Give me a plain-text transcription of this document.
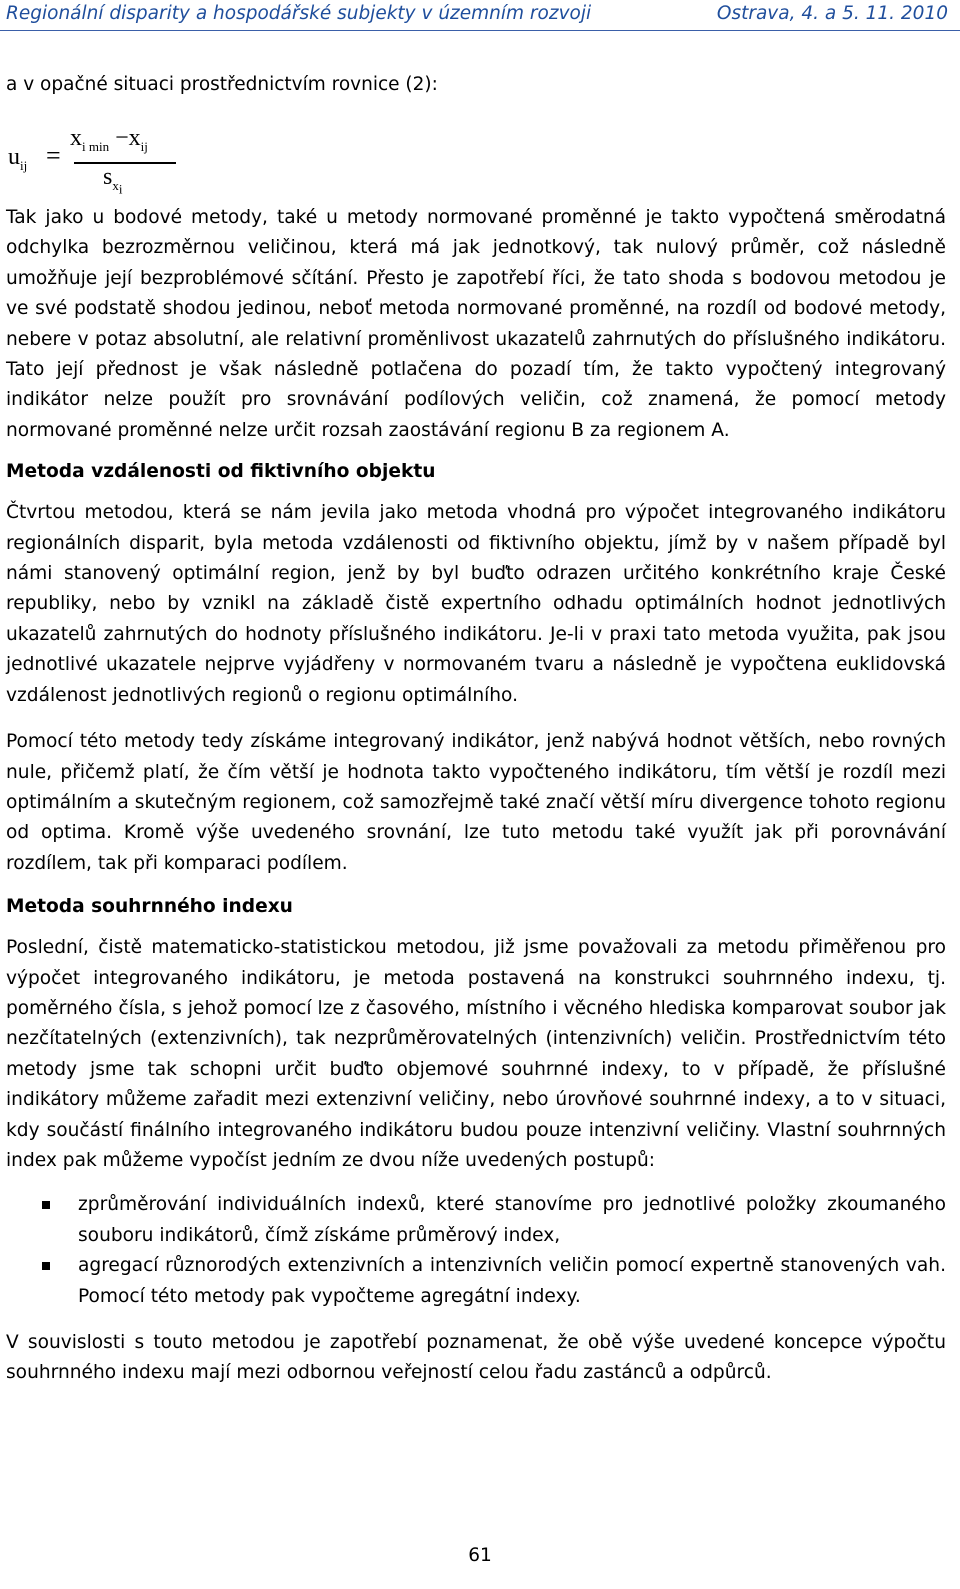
Regionální disparity a hospodářské subjekty v územním rozvoji	Ostrava, 4. a 5. 11. 2010
a v opačné situaci prostřednictvím rovnice (2):
$u_{ij}$ =
$x_{i min} -x_{ij}$
$s_{x_i}$

Tak jako u bodové metody, také u metody normované proměnné je takto vypočtená směrodatná odchylka bezrozměrnou veličinou, která má jak jednotkový, tak nulový průměr, což následně umožňuje její bezproblémové sčítání. Přesto je zapotřebí říci, že tato shoda s bodovou metodou je ve své podstatě shodou jedinou, neboť metoda normované proměnné, na rozdíl od bodové metody, nebere v potaz absolutní, ale relativní proměnlivost ukazatelů zahrnutých do příslušného indikátoru. Tato její přednost je však následně potlačena do pozadí tím, že takto vypočtený integrovaný indikátor nelze použít pro srovnávání podílových veličin, což znamená, že pomocí metody normované proměnné nelze určit rozsah zaostávání regionu B za regionem A.

Metoda vzdálenosti od fiktivního objektu

Čtvrtou metodou, která se nám jevila jako metoda vhodná pro výpočet integrovaného indikátoru regionálních disparit, byla metoda vzdálenosti od fiktivního objektu, jímž by v našem případě byl námi stanovený optimální region, jenž by byl buďto odrazen určitého konkrétního kraje České republiky, nebo by vznikl na základě čistě expertního odhadu optimálních hodnot jednotlivých ukazatelů zahrnutých do hodnoty příslušného indikátoru. Je-li v praxi tato metoda využita, pak jsou jednotlivé ukazatele nejprve vyjádřeny v normovaném tvaru a následně je vypočtena euklidovská vzdálenost jednotlivých regionů o regionu optimálního.

Pomocí této metody tedy získáme integrovaný indikátor, jenž nabývá hodnot větších, nebo rovných nule, přičemž platí, že čím větší je hodnota takto vypočteného indikátoru, tím větší je rozdíl mezi optimálním a skutečným regionem, což samozřejmě také značí větší míru divergence tohoto regionu od optima. Kromě výše uvedeného srovnání, lze tuto metodu také využít jak při porovnávání rozdílem, tak při komparaci podílem.

Metoda souhrnného indexu

Poslední, čistě matematicko-statistickou metodou, již jsme považovali za metodu přiměřenou pro výpočet integrovaného indikátoru, je metoda postavená na konstrukci souhrnného indexu, tj. poměrného čísla, s jehož pomocí lze z časového, místního i věcného hlediska komparovat soubor jak nezčítatelných (extenzivních), tak nezprůměrovatelných (intenzivních) veličin. Prostřednictvím této metody jsme tak schopni určit buďto objemové souhrnné indexy, to v případě, že příslušné indikátory můžeme zařadit mezi extenzivní veličiny, nebo úrovňové souhrnné indexy, a to v situaci, kdy součástí finálního integrovaného indikátoru budou pouze intenzivní veličiny. Vlastní souhrnných index pak můžeme vypočíst jedním ze dvou níže uvedených postupů:

zprůměrování individuálních indexů, které stanovíme pro jednotlivé položky zkoumaného souboru indikátorů, čímž získáme průměrový index,
agregací různorodých extenzivních a intenzivních veličin pomocí expertně stanovených vah. Pomocí této metody pak vypočteme agregátní indexy.

V souvislosti s touto metodou je zapotřebí poznamenat, že obě výše uvedené koncepce výpočtu souhrnného indexu mají mezi odbornou veřejností celou řadu zastánců a odpůrců.

61
